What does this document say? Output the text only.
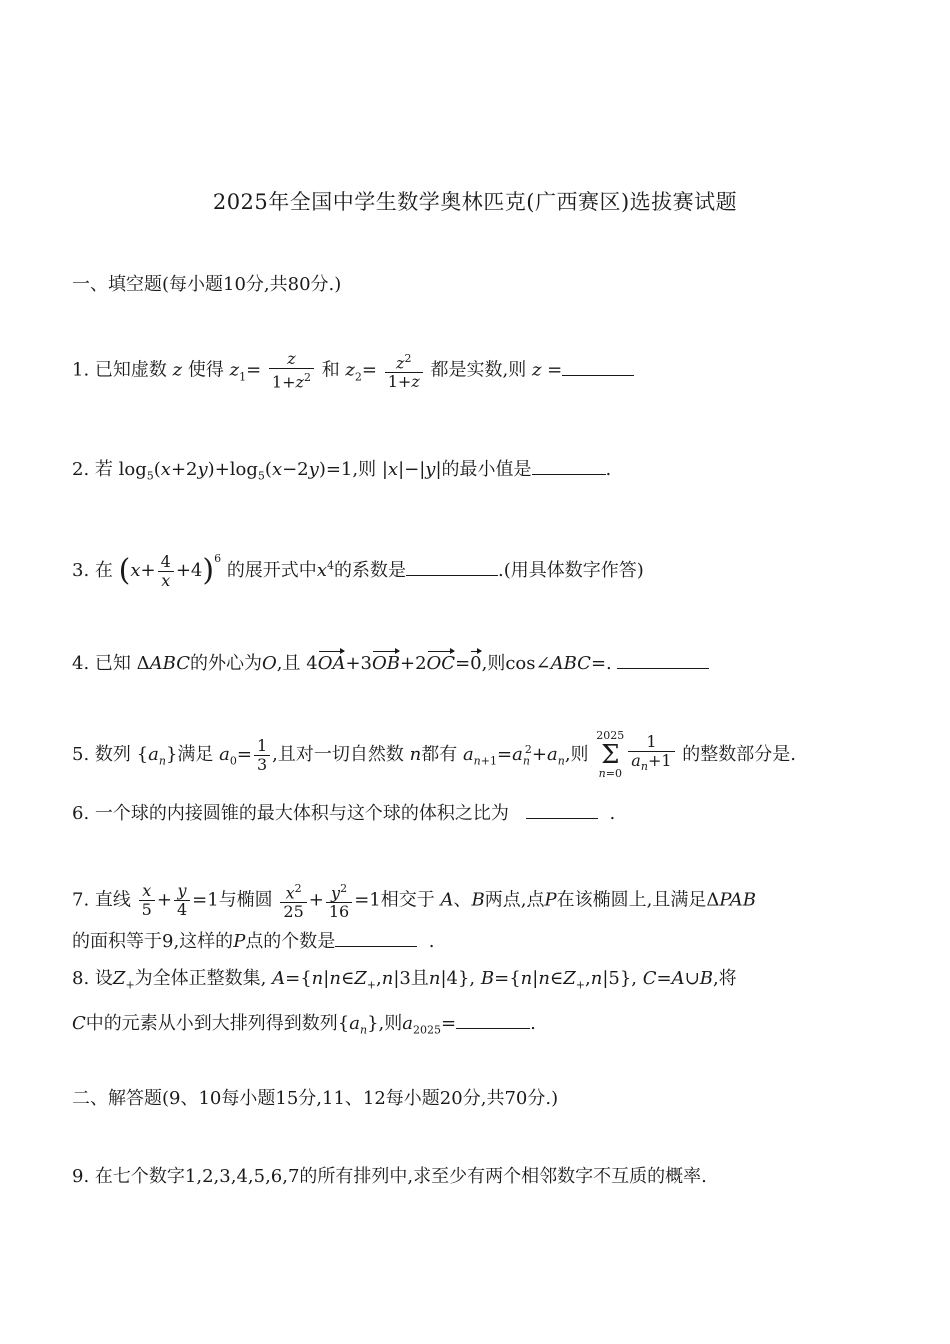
2025年全国中学生数学奥林匹克(广西赛区)选拔赛试题
一、填空题(每小题10分,共80分.)
1. 已知虚数 z 使得 $z_1= \frac{z}{1+z^2}$ 和 $z_2= \frac{z^2}{1+z}$ 都是实数,则 z =
2. 若 $\log_5(x+2y)+\log_5(x-2y)=1$,则 |x|−|y|的最小值是	.
3. 在 $(x+ \frac{4}{x} +4)^6$ 的展开式中$x^4$的系数是	.(用具体数字作答)
4. 已知 ΔABC的外心为O,且 4OA+3OB+2OC=0,则cos∠ABC=.
5. 数列 $\{a_n\}$满足 $a_0= \frac{1}{3}$ ,且对一切自然数 n都有 $a_{n+1}=a_n^2+a_n$,则 2025
Σ
$n=0 \frac{1}{a_n+1}$ 的整数部分是.
6. 一个球的内接圆锥的最大体积与这个球的体积之比为	.
7. 直线 $\frac{x}{5} + \frac{y}{4} =1$与椭圆 $\frac{x^2}{25} + \frac{y^2}{16} =1$相交于 A、B两点,点P在该椭圆上,且满足ΔPAB
的面积等于9,这样的P点的个数是	.
8. 设$Z_+$为全体正整数集, $A=\{n|n\in Z_+,n|3$且n|4}, $B=\{n|n\in Z_+,n|5\}$, C=A∪B,将
C中的元素从小到大排列得到数列$\{a_n\}$,则$a_{2025}=$	.
二、解答题(9、10每小题15分,11、12每小题20分,共70分.)
9. 在七个数字1,2,3,4,5,6,7的所有排列中,求至少有两个相邻数字不互质的概率.
